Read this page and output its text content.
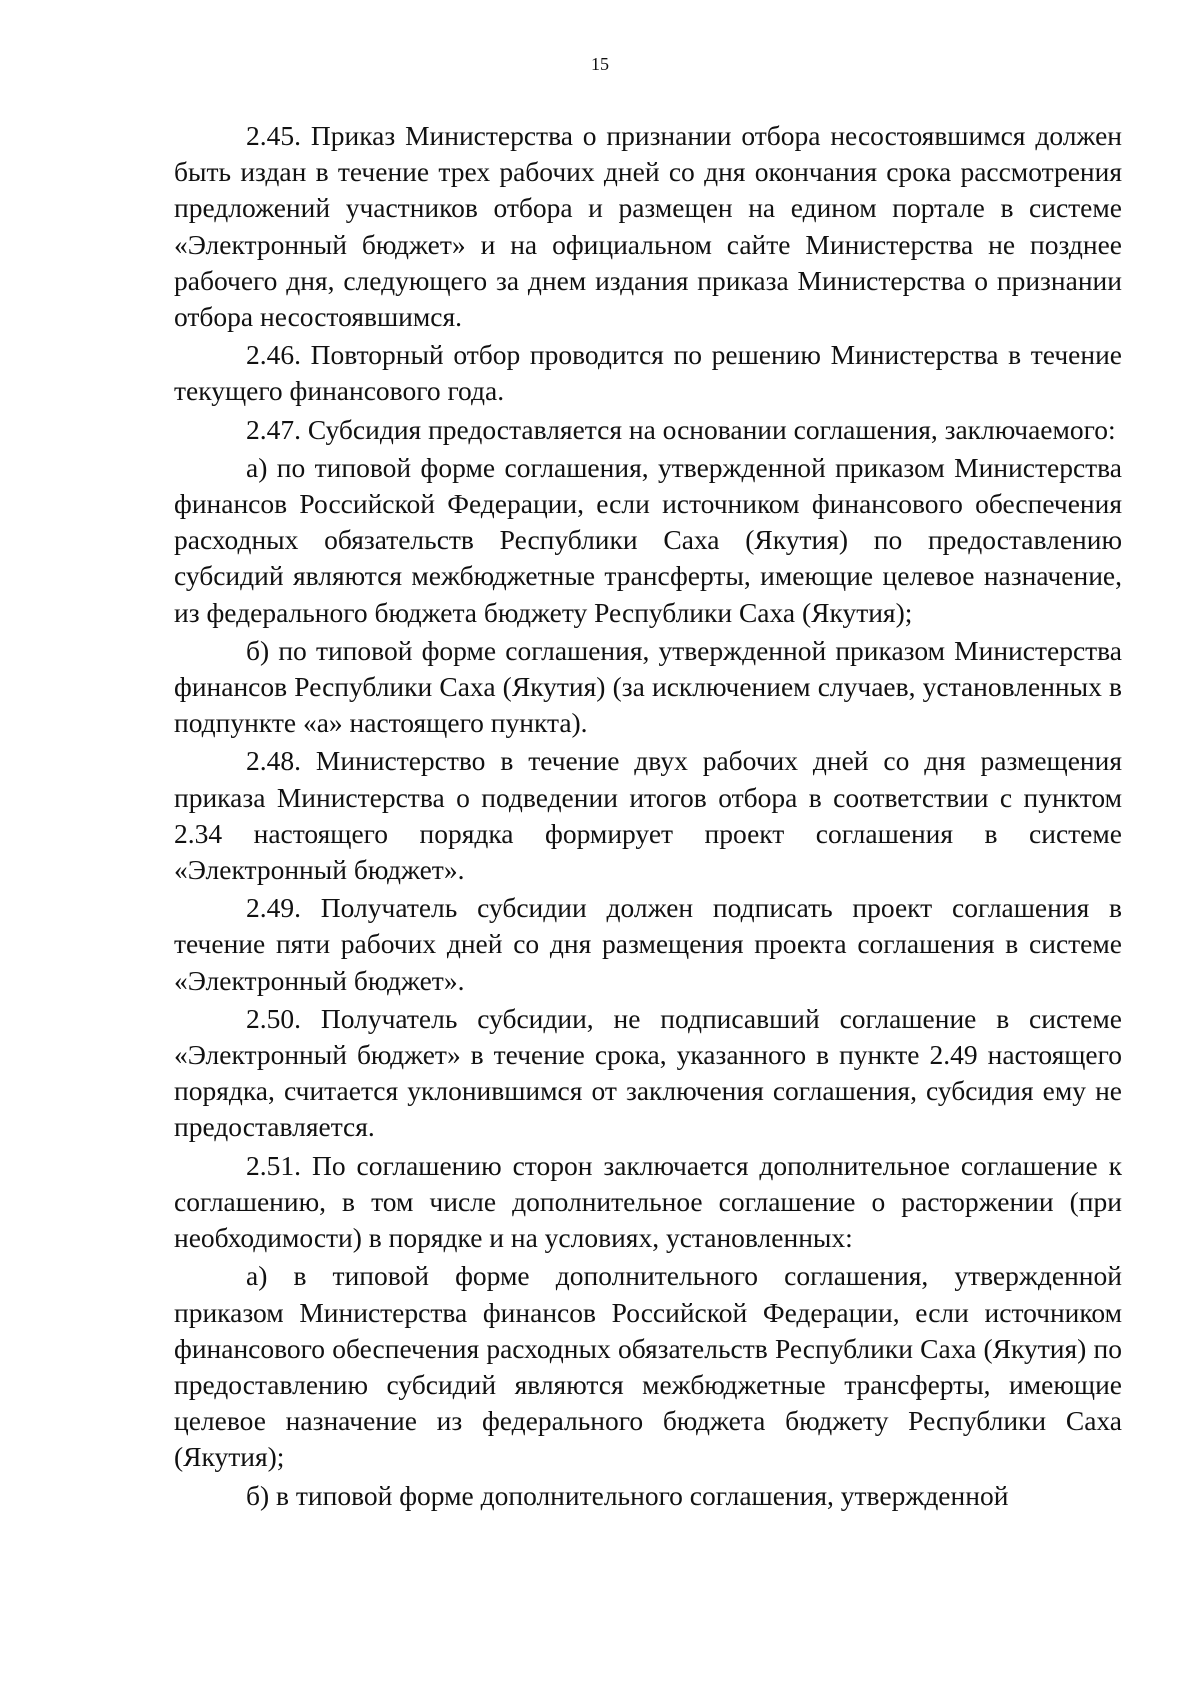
15

2.45. Приказ Министерства о признании отбора несостоявшимся должен быть издан в течение трех рабочих дней со дня окончания срока рассмотрения предложений участников отбора и размещен на едином портале в системе «Электронный бюджет» и на официальном сайте Министерства не позднее рабочего дня, следующего за днем издания приказа Министерства о признании отбора несостоявшимся.

2.46. Повторный отбор проводится по решению Министерства в течение текущего финансового года.

2.47. Субсидия предоставляется на основании соглашения, заключаемого:

а) по типовой форме соглашения, утвержденной приказом Министерства финансов Российской Федерации, если источником финансового обеспечения расходных обязательств Республики Саха (Якутия) по предоставлению субсидий являются межбюджетные трансферты, имеющие целевое назначение, из федерального бюджета бюджету Республики Саха (Якутия);

б) по типовой форме соглашения, утвержденной приказом Министерства финансов Республики Саха (Якутия) (за исключением случаев, установленных в подпункте «а» настоящего пункта).

2.48. Министерство в течение двух рабочих дней со дня размещения приказа Министерства о подведении итогов отбора в соответствии с пунктом 2.34 настоящего порядка формирует проект соглашения в системе «Электронный бюджет».

2.49. Получатель субсидии должен подписать проект соглашения в течение пяти рабочих дней со дня размещения проекта соглашения в системе «Электронный бюджет».

2.50. Получатель субсидии, не подписавший соглашение в системе «Электронный бюджет» в течение срока, указанного в пункте 2.49 настоящего порядка, считается уклонившимся от заключения соглашения, субсидия ему не предоставляется.

2.51. По соглашению сторон заключается дополнительное соглашение к соглашению, в том числе дополнительное соглашение о расторжении (при необходимости) в порядке и на условиях, установленных:

а) в типовой форме дополнительного соглашения, утвержденной приказом Министерства финансов Российской Федерации, если источником финансового обеспечения расходных обязательств Республики Саха (Якутия) по предоставлению субсидий являются межбюджетные трансферты, имеющие целевое назначение из федерального бюджета бюджету Республики Саха (Якутия);

б) в типовой форме дополнительного соглашения, утвержденной
